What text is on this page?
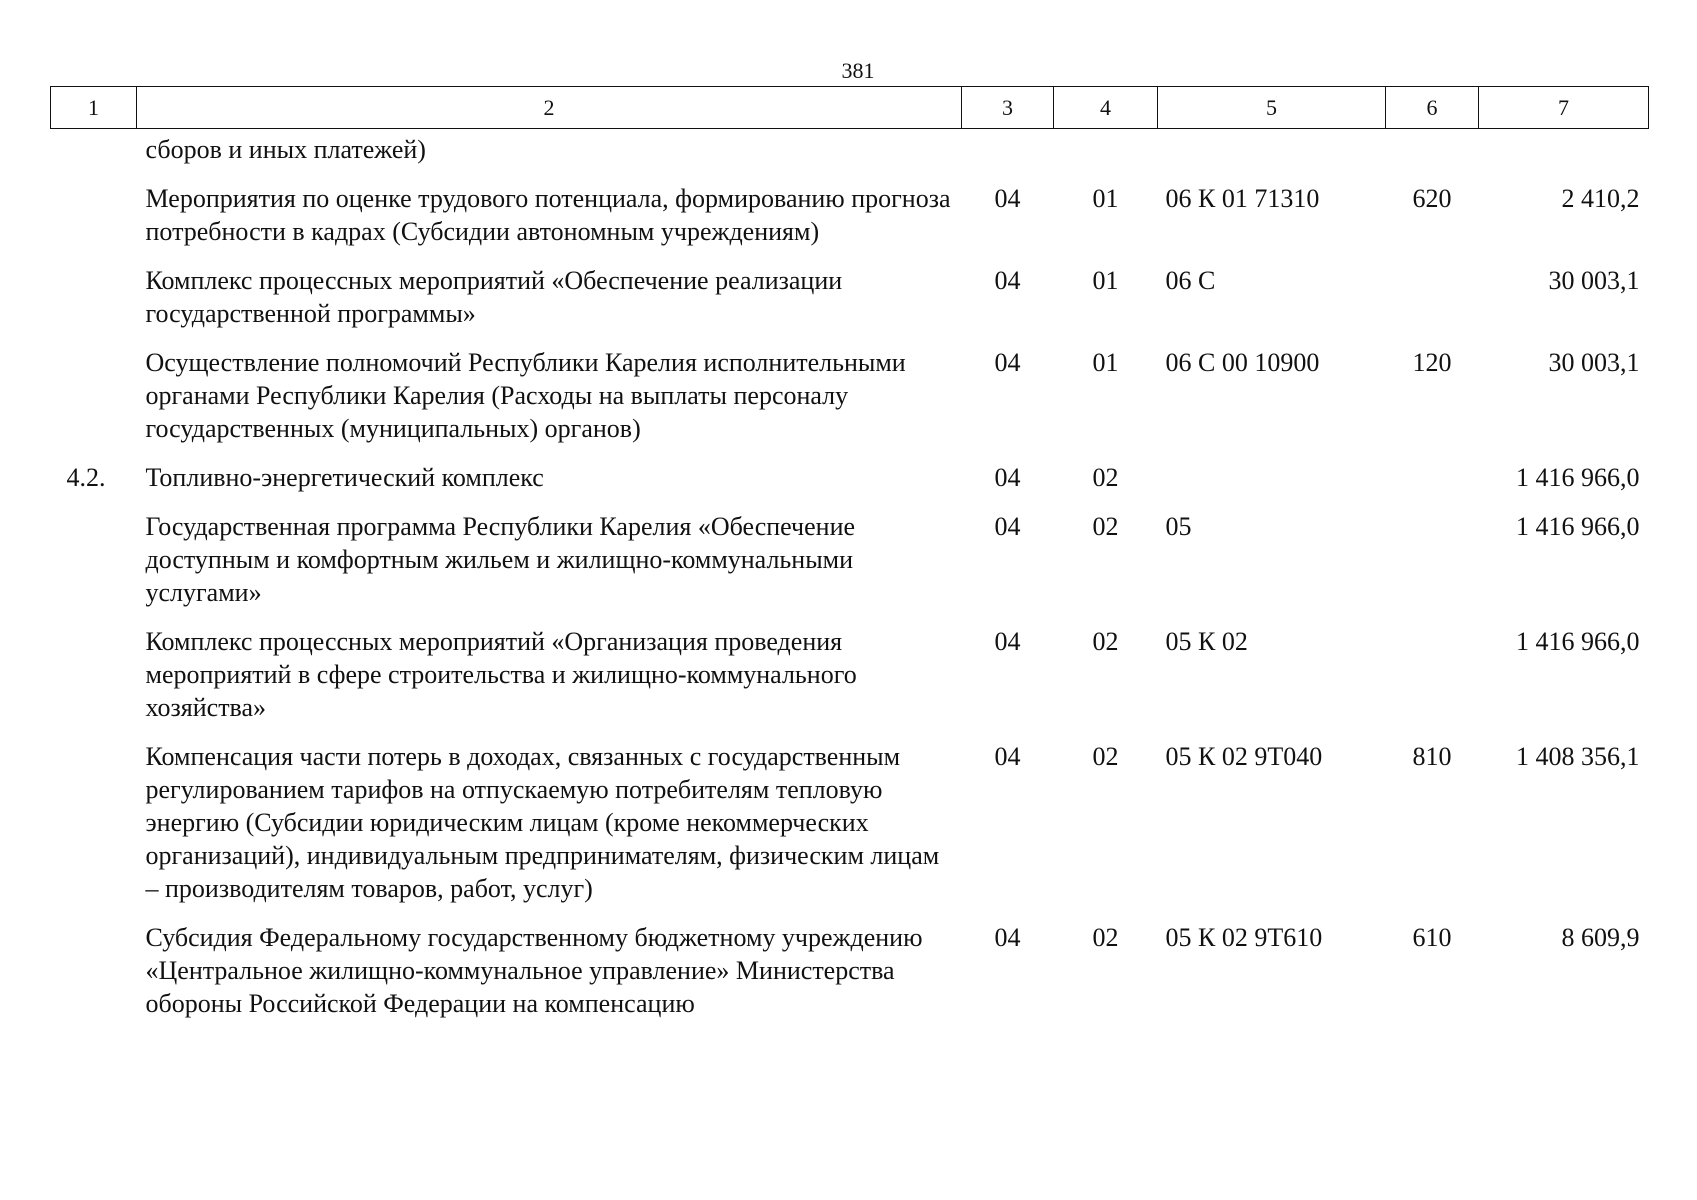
381
1	2	3	4	5	6	7
	сборов и иных платежей)					
	Мероприятия по оценке трудового потенциала, формированию прогноза потребности в кадрах (Субсидии автономным учреждениям)	04	01	06 К 01 71310	620	2 410,2
	Комплекс процессных мероприятий «Обеспечение реализации государственной программы»	04	01	06 С		30 003,1
	Осуществление полномочий Республики Карелия исполнительными органами Республики Карелия (Расходы на выплаты персоналу государственных (муниципальных) органов)	04	01	06 С 00 10900	120	30 003,1
4.2.	Топливно-энергетический комплекс	04	02			1 416 966,0
	Государственная программа Республики Карелия «Обеспечение доступным и комфортным жильем и жилищно-коммунальными услугами»	04	02	05		1 416 966,0
	Комплекс процессных мероприятий «Организация проведения мероприятий в сфере строительства и жилищно-коммунального хозяйства»	04	02	05 К 02		1 416 966,0
	Компенсация части потерь в доходах, связанных с государственным регулированием тарифов на отпускаемую потребителям тепловую энергию (Субсидии юридическим лицам (кроме некоммерческих организаций), индивидуальным предпринимателям, физическим лицам – производителям товаров, работ, услуг)	04	02	05 К 02 9Т040	810	1 408 356,1
	Субсидия Федеральному государственному бюджетному учреждению «Центральное жилищно-коммунальное управление» Министерства обороны Российской Федерации на компенсацию	04	02	05 К 02 9Т610	610	8 609,9
